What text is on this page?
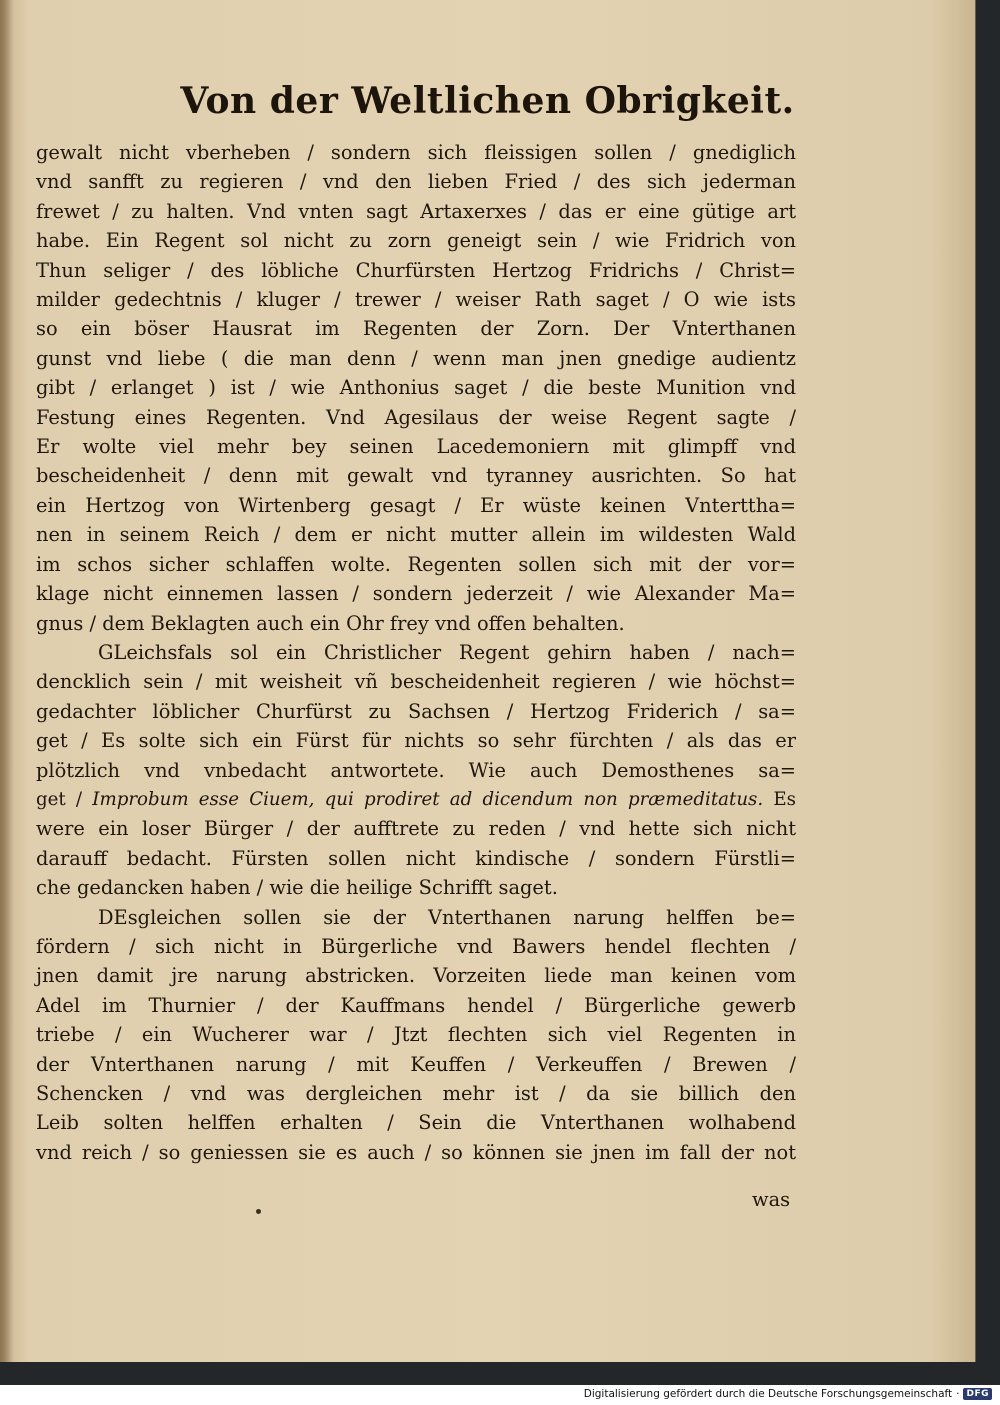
Von der Weltlichen Obrigkeit.
gewalt nicht vberheben / sondern sich fleissigen sollen / gnediglich
vnd sanfft zu regieren / vnd den lieben Fried / des sich jederman
frewet / zu halten. Vnd vnten sagt Artaxerxes / das er eine gütige art
habe. Ein Regent sol nicht zu zorn geneigt sein / wie Fridrich von
Thun seliger / des löbliche Churfürsten Hertzog Fridrichs / Christ=
milder gedechtnis / kluger / trewer / weiser Rath saget / O wie ists
so ein böser Hausrat im Regenten der Zorn. Der Vnterthanen
gunst vnd liebe ( die man denn / wenn man jnen gnedige audientz
gibt / erlanget ) ist / wie Anthonius saget / die beste Munition vnd
Festung eines Regenten. Vnd Agesilaus der weise Regent sagte /
Er wolte viel mehr bey seinen Lacedemoniern mit glimpff vnd
bescheidenheit / denn mit gewalt vnd tyranney ausrichten. So hat
ein Hertzog von Wirtenberg gesagt / Er wüste keinen Vnterttha=
nen in seinem Reich / dem er nicht mutter allein im wildesten Wald
im schos sicher schlaffen wolte. Regenten sollen sich mit der vor=
klage nicht einnemen lassen / sondern jederzeit / wie Alexander Ma=
gnus / dem Beklagten auch ein Ohr frey vnd offen behalten.
GLeichsfals sol ein Christlicher Regent gehirn haben / nach=
dencklich sein / mit weisheit vñ bescheidenheit regieren / wie höchst=
gedachter löblicher Churfürst zu Sachsen / Hertzog Friderich / sa=
get / Es solte sich ein Fürst für nichts so sehr fürchten / als das er
plötzlich vnd vnbedacht antwortete. Wie auch Demosthenes sa=
get / Improbum esse Ciuem, qui prodiret ad dicendum non præmeditatus. Es
were ein loser Bürger / der aufftrete zu reden / vnd hette sich nicht
darauff bedacht. Fürsten sollen nicht kindische / sondern Fürstli=
che gedancken haben / wie die heilige Schrifft saget.
DEsgleichen sollen sie der Vnterthanen narung helffen be=
fördern / sich nicht in Bürgerliche vnd Bawers hendel flechten /
jnen damit jre narung abstricken. Vorzeiten liede man keinen vom
Adel im Thurnier / der Kauffmans hendel / Bürgerliche gewerb
triebe / ein Wucherer war / Jtzt flechten sich viel Regenten in
der Vnterthanen narung / mit Keuffen / Verkeuffen / Brewen /
Schencken / vnd was dergleichen mehr ist / da sie billich den
Leib solten helffen erhalten / Sein die Vnterthanen wolhabend
vnd reich / so geniessen sie es auch / so können sie jnen im fall der not
was
Digitalisierung gefördert durch die Deutsche Forschungsgemeinschaft · DFG
